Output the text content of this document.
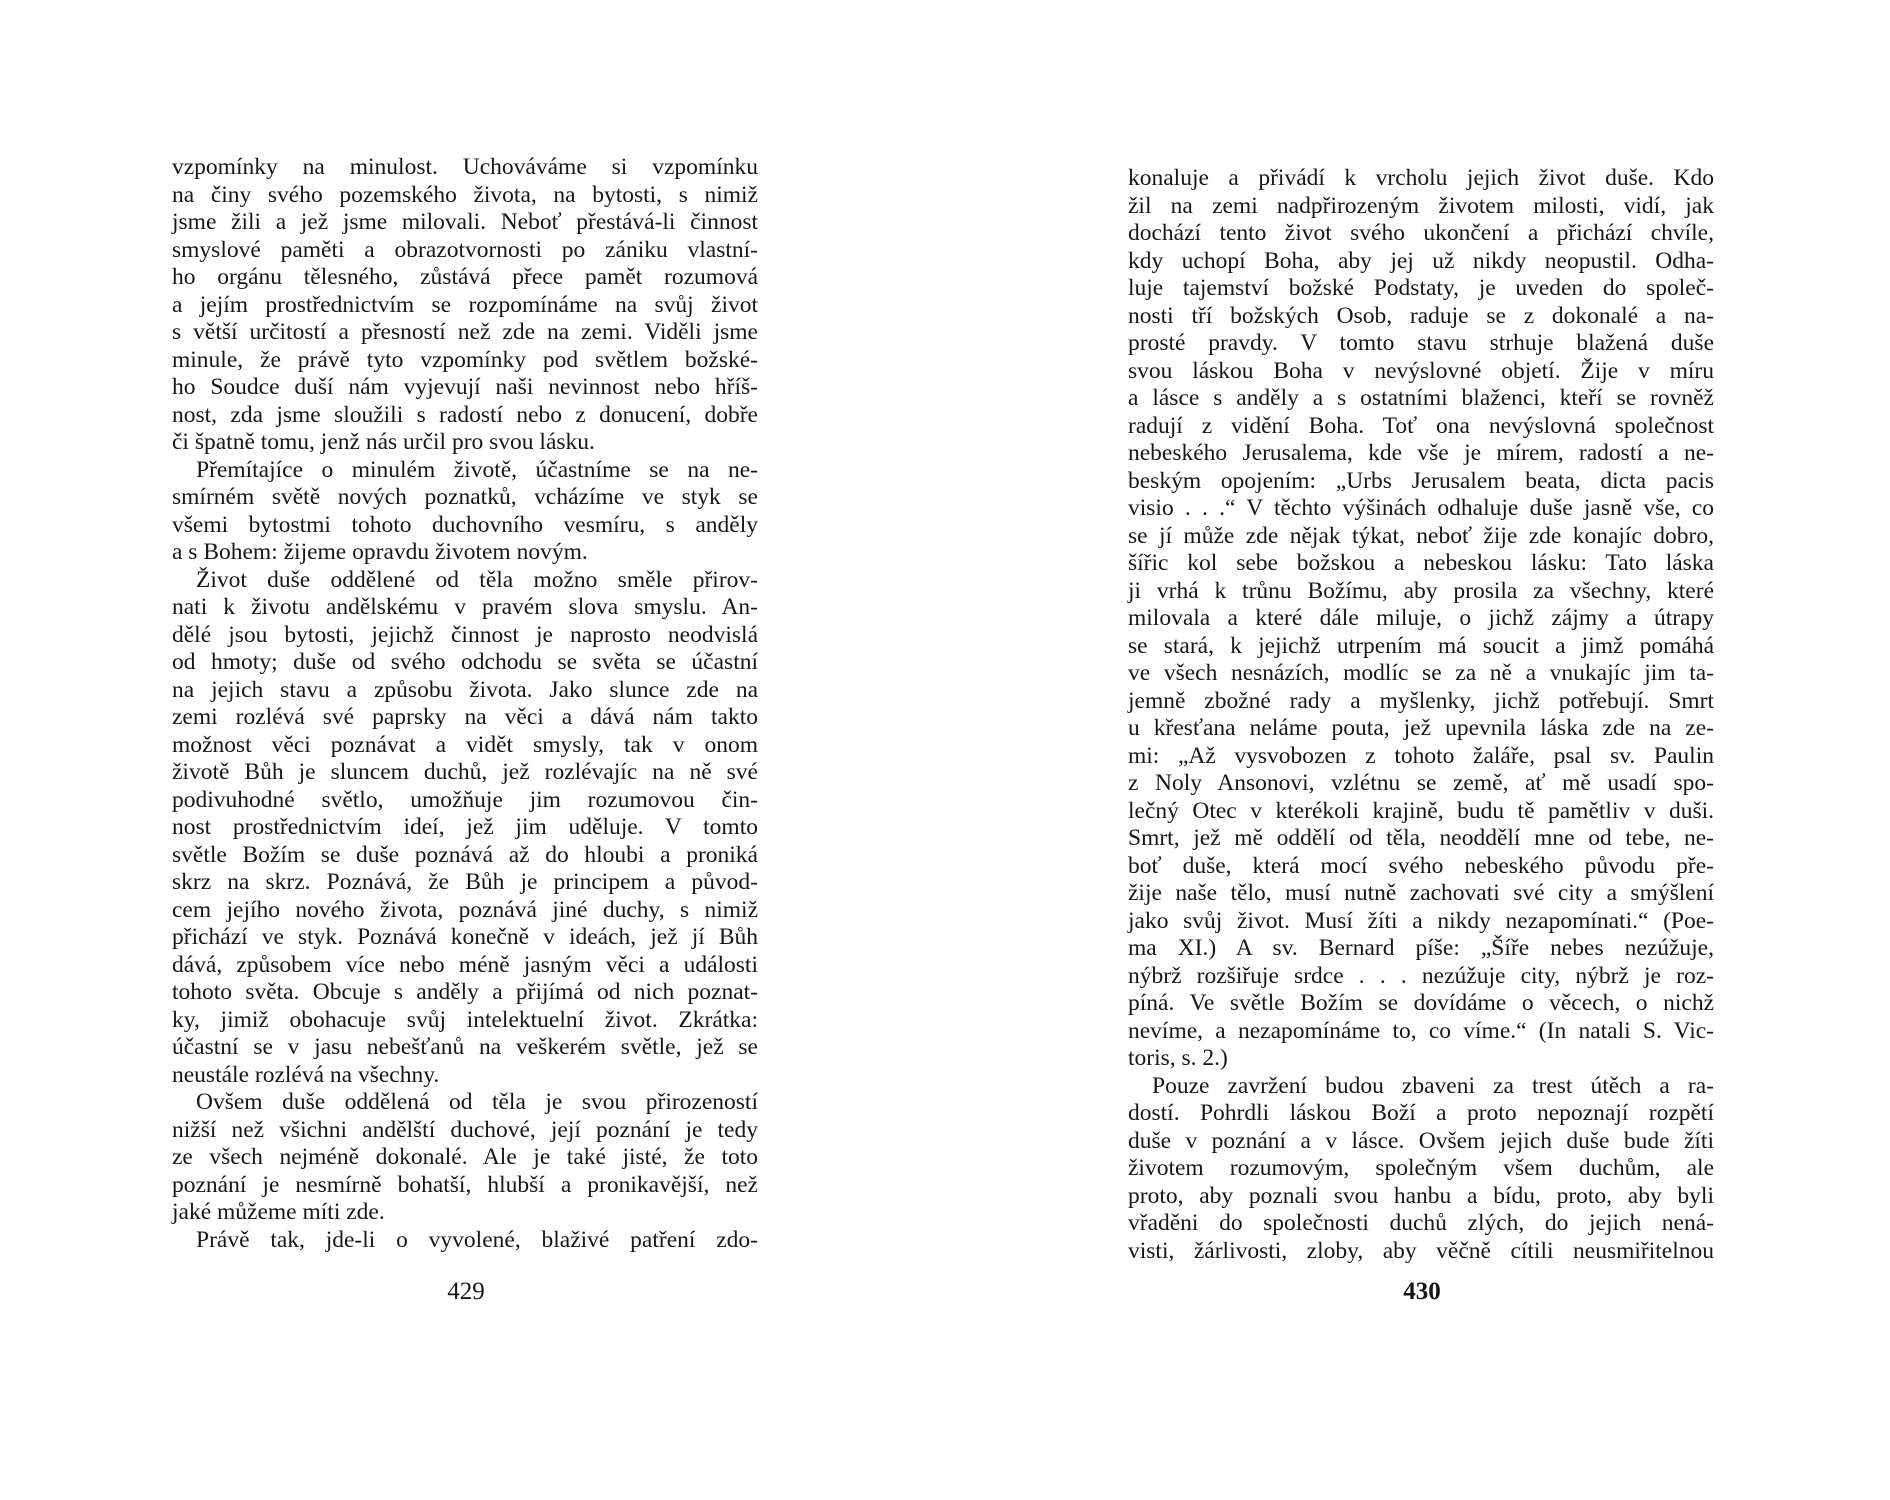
vzpomínky na minulost. Uchováváme si vzpomínku
na činy svého pozemského života, na bytosti, s nimiž
jsme žili a jež jsme milovali. Neboť přestává-li činnost
smyslové paměti a obrazotvornosti po zániku vlastní-
ho orgánu tělesného, zůstává přece pamět rozumová
a jejím prostřednictvím se rozpomínáme na svůj život
s větší určitostí a přesností než zde na zemi. Viděli jsme
minule, že právě tyto vzpomínky pod světlem božské-
ho Soudce duší nám vyjevují naši nevinnost nebo hříš-
nost, zda jsme sloužili s radostí nebo z donucení, dobře
či špatně tomu, jenž nás určil pro svou lásku.
Přemítajíce o minulém životě, účastníme se na ne-
smírném světě nových poznatků, vcházíme ve styk se
všemi bytostmi tohoto duchovního vesmíru, s anděly
a s Bohem: žijeme opravdu životem novým.
Život duše oddělené od těla možno směle přirov-
nati k životu andělskému v pravém slova smyslu. An-
dělé jsou bytosti, jejichž činnost je naprosto neodvislá
od hmoty; duše od svého odchodu se světa se účastní
na jejich stavu a způsobu života. Jako slunce zde na
zemi rozlévá své paprsky na věci a dává nám takto
možnost věci poznávat a vidět smysly, tak v onom
životě Bůh je sluncem duchů, jež rozlévajíc na ně své
podivuhodné světlo, umožňuje jim rozumovou čin-
nost prostřednictvím ideí, jež jim uděluje. V tomto
světle Božím se duše poznává až do hloubi a proniká
skrz na skrz. Poznává, že Bůh je principem a původ-
cem jejího nového života, poznává jiné duchy, s nimiž
přichází ve styk. Poznává konečně v ideách, jež jí Bůh
dává, způsobem více nebo méně jasným věci a události
tohoto světa. Obcuje s anděly a přijímá od nich poznat-
ky, jimiž obohacuje svůj intelektuelní život. Zkrátka:
účastní se v jasu nebešťanů na veškerém světle, jež se
neustále rozlévá na všechny.
Ovšem duše oddělená od těla je svou přirozeností
nižší než všichni andělští duchové, její poznání je tedy
ze všech nejméně dokonalé. Ale je také jisté, že toto
poznání je nesmírně bohatší, hlubší a pronikavější, než
jaké můžeme míti zde.
Právě tak, jde-li o vyvolené, blaživé patření zdo-
konaluje a přivádí k vrcholu jejich život duše. Kdo
žil na zemi nadpřirozeným životem milosti, vidí, jak
dochází tento život svého ukončení a přichází chvíle,
kdy uchopí Boha, aby jej už nikdy neopustil. Odha-
luje tajemství božské Podstaty, je uveden do společ-
nosti tří božských Osob, raduje se z dokonalé a na-
prosté pravdy. V tomto stavu strhuje blažená duše
svou láskou Boha v nevýslovné objetí. Žije v míru
a lásce s anděly a s ostatními blaženci, kteří se rovněž
radují z vidění Boha. Toť ona nevýslovná společnost
nebeského Jerusalema, kde vše je mírem, radostí a ne-
beským opojením: „Urbs Jerusalem beata, dicta pacis
visio . . .“ V těchto výšinách odhaluje duše jasně vše, co
se jí může zde nějak týkat, neboť žije zde konajíc dobro,
šířic kol sebe božskou a nebeskou lásku: Tato láska
ji vrhá k trůnu Božímu, aby prosila za všechny, které
milovala a které dále miluje, o jichž zájmy a útrapy
se stará, k jejichž utrpením má soucit a jimž pomáhá
ve všech nesnázích, modlíc se za ně a vnukajíc jim ta-
jemně zbožné rady a myšlenky, jichž potřebují. Smrt
u křesťana neláme pouta, jež upevnila láska zde na ze-
mi: „Až vysvobozen z tohoto žaláře, psal sv. Paulin
z Noly Ansonovi, vzlétnu se země, ať mě usadí spo-
lečný Otec v kterékoli krajině, budu tě pamětliv v duši.
Smrt, jež mě oddělí od těla, neoddělí mne od tebe, ne-
boť duše, která mocí svého nebeského původu pře-
žije naše tělo, musí nutně zachovati své city a smýšlení
jako svůj život. Musí žíti a nikdy nezapomínati.“ (Poe-
ma XI.) A sv. Bernard píše: „Šíře nebes nezúžuje,
nýbrž rozšiřuje srdce . . . nezúžuje city, nýbrž je roz-
píná. Ve světle Božím se dovídáme o věcech, o nichž
nevíme, a nezapomínáme to, co víme.“ (In natali S. Vic-
toris, s. 2.)
Pouze zavržení budou zbaveni za trest útěch a ra-
dostí. Pohrdli láskou Boží a proto nepoznají rozpětí
duše v poznání a v lásce. Ovšem jejich duše bude žíti
životem rozumovým, společným všem duchům, ale
proto, aby poznali svou hanbu a bídu, proto, aby byli
vřaděni do společnosti duchů zlých, do jejich nená-
visti, žárlivosti, zloby, aby věčně cítili neusmiřitelnou
429	430
